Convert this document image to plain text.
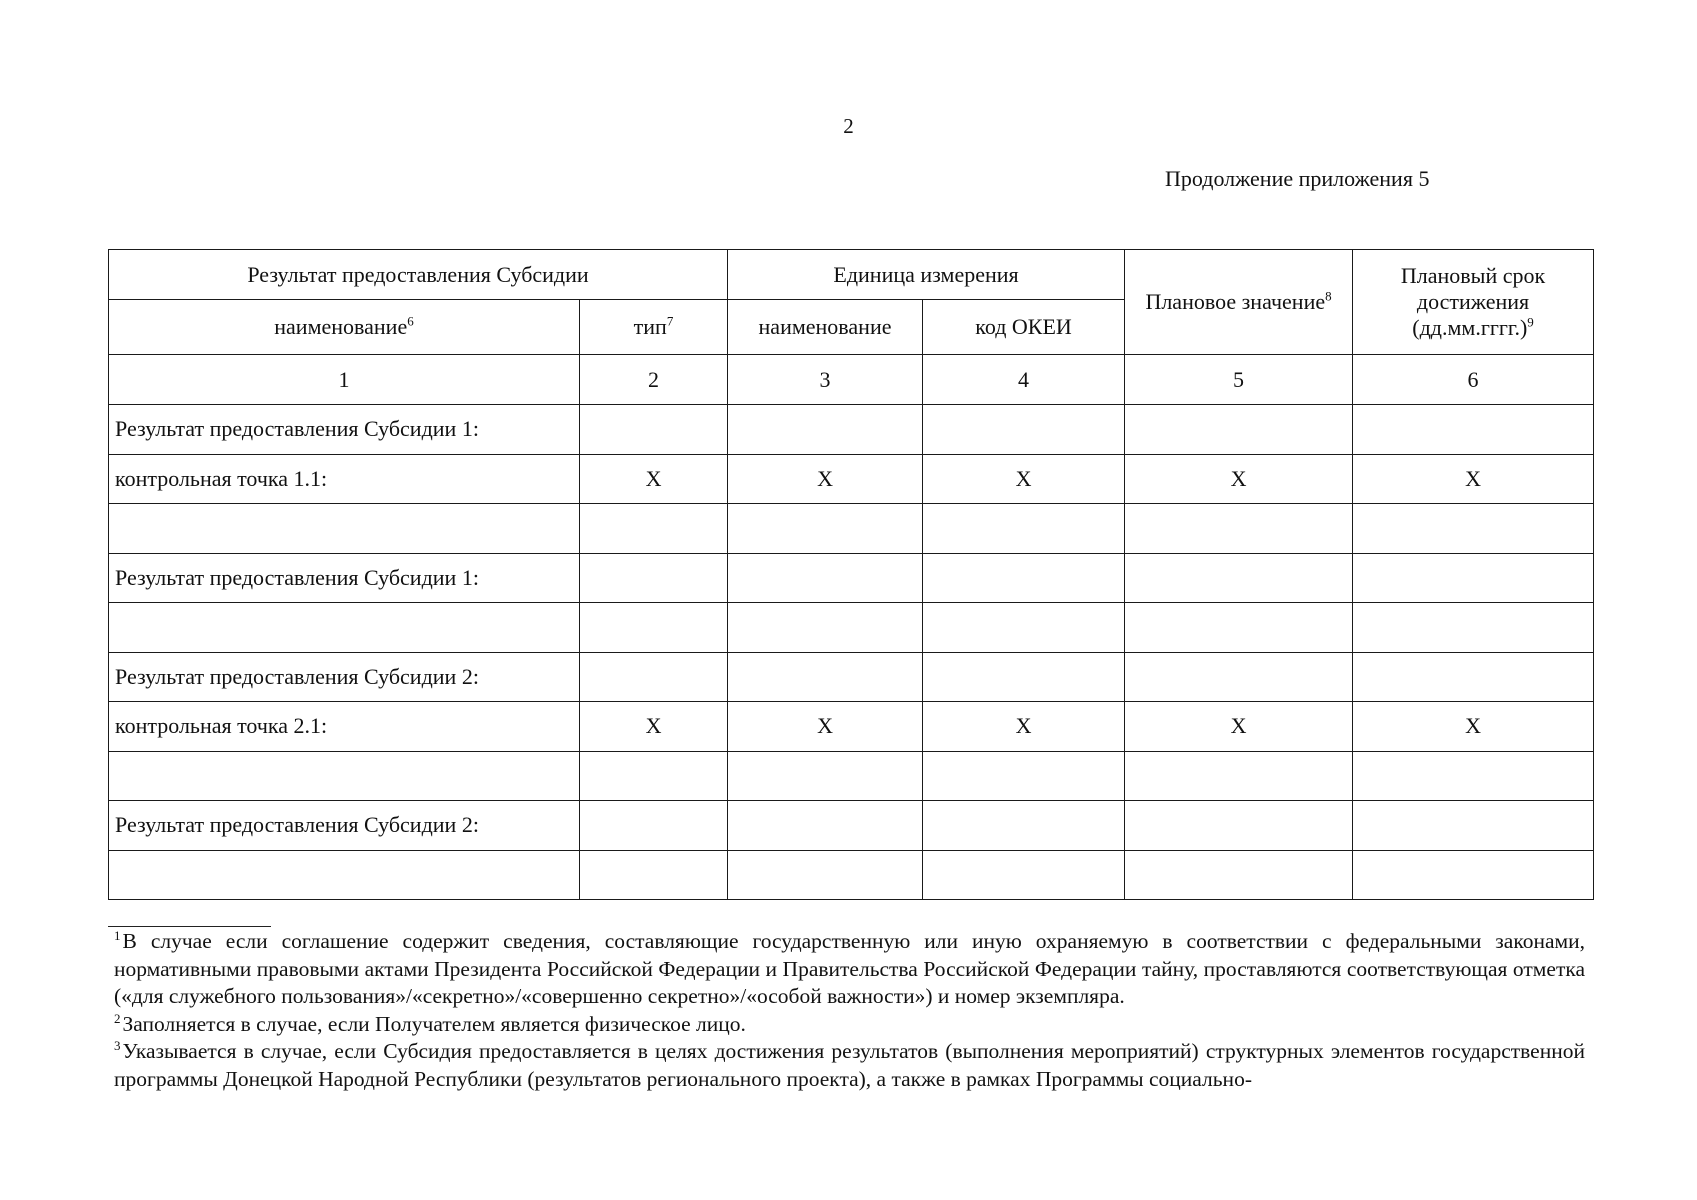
2
Продолжение приложения 5
Результат предоставления Субсидии		Единица измерения		Плановое значение$^8$	Плановый срок достижения (дд.мм.гггг.)$^9$
наименование$^6$	тип$^7$	наименование	код ОКЕИ		
1	2	3	4	5	6
Результат предоставления Субсидии 1:					
контрольная точка 1.1:	X	X	X	X	X

Результат предоставления Субсидии 1:					

Результат предоставления Субсидии 2:					
контрольная точка 2.1:	X	X	X	X	X

Результат предоставления Субсидии 2:					

$^1$В случае если соглашение содержит сведения, составляющие государственную или иную охраняемую в соответствии с федеральными законами, нормативными правовыми актами Президента Российской Федерации и Правительства Российской Федерации тайну, проставляются соответствующая отметка («для служебного пользования»/«секретно»/«совершенно секретно»/«особой важности») и номер экземпляра.

$^2$Заполняется в случае, если Получателем является физическое лицо.

$^3$Указывается в случае, если Субсидия предоставляется в целях достижения результатов (выполнения мероприятий) структурных элементов государственной программы Донецкой Народной Республики (результатов регионального проекта), а также в рамках Программы социально-
